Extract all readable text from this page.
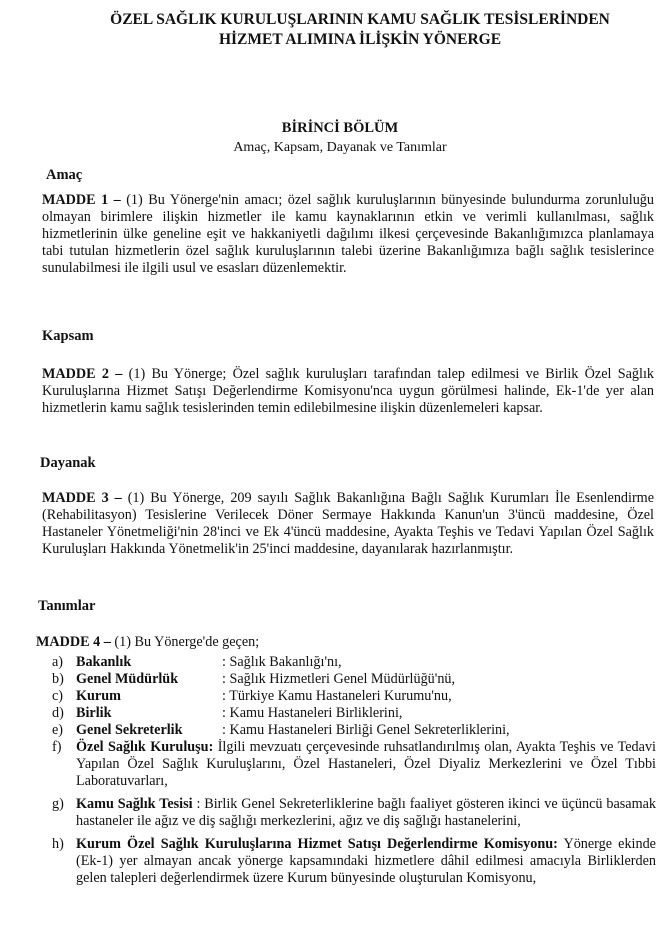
ÖZEL SAĞLIK KURULUŞLARININ KAMU SAĞLIK TESİSLERİNDEN

HİZMET ALIMINA İLİŞKİN YÖNERGE

BİRİNCİ BÖLÜM

Amaç, Kapsam, Dayanak ve Tanımlar

Amaç

MADDE 1 – (1) Bu Yönerge'nin amacı; özel sağlık kuruluşlarının bünyesinde bulundurma zorunluluğu olmayan birimlere ilişkin hizmetler ile kamu kaynaklarının etkin ve verimli kullanılması, sağlık hizmetlerinin ülke geneline eşit ve hakkaniyetli dağılımı ilkesi çerçevesinde Bakanlığımızca planlamaya tabi tutulan hizmetlerin özel sağlık kuruluşlarının talebi üzerine Bakanlığımıza bağlı sağlık tesislerince sunulabilmesi ile ilgili usul ve esasları düzenlemektir.

Kapsam

MADDE 2 – (1) Bu Yönerge; Özel sağlık kuruluşları tarafından talep edilmesi ve Birlik Özel Sağlık Kuruluşlarına Hizmet Satışı Değerlendirme Komisyonu'nca uygun görülmesi halinde, Ek-1'de yer alan hizmetlerin kamu sağlık tesislerinden temin edilebilmesine ilişkin düzenlemeleri kapsar.

Dayanak

MADDE 3 – (1) Bu Yönerge, 209 sayılı Sağlık Bakanlığına Bağlı Sağlık Kurumları İle Esenlendirme (Rehabilitasyon) Tesislerine Verilecek Döner Sermaye Hakkında Kanun'un 3'üncü maddesine, Özel Hastaneler Yönetmeliği'nin 28'inci ve Ek 4'üncü maddesine, Ayakta Teşhis ve Tedavi Yapılan Özel Sağlık Kuruluşları Hakkında Yönetmelik'in 25'inci maddesine, dayanılarak hazırlanmıştır.

Tanımlar

MADDE 4 – (1) Bu Yönerge'de geçen;

a) Bakanlık	: Sağlık Bakanlığı'nı,
b) Genel Müdürlük	: Sağlık Hizmetleri Genel Müdürlüğü'nü,
c) Kurum	: Türkiye Kamu Hastaneleri Kurumu'nu,
d) Birlik	: Kamu Hastaneleri Birliklerini,
e) Genel Sekreterlik	: Kamu Hastaneleri Birliği Genel Sekreterliklerini,
f)	Özel Sağlık Kuruluşu: İlgili mevzuatı çerçevesinde ruhsatlandırılmış olan, Ayakta Teşhis ve Tedavi Yapılan Özel Sağlık Kuruluşlarını, Özel Hastaneleri, Özel Diyaliz Merkezlerini ve Özel Tıbbi Laboratuvarları,
g) Kamu Sağlık Tesisi : Birlik Genel Sekreterliklerine bağlı faaliyet gösteren ikinci ve üçüncü basamak hastaneler ile ağız ve diş sağlığı merkezlerini, ağız ve diş sağlığı hastanelerini,
h) Kurum Özel Sağlık Kuruluşlarına Hizmet Satışı Değerlendirme Komisyonu: Yönerge ekinde (Ek-1) yer almayan ancak yönerge kapsamındaki hizmetlere dâhil edilmesi amacıyla Birliklerden gelen talepleri değerlendirmek üzere Kurum bünyesinde oluşturulan Komisyonu,
